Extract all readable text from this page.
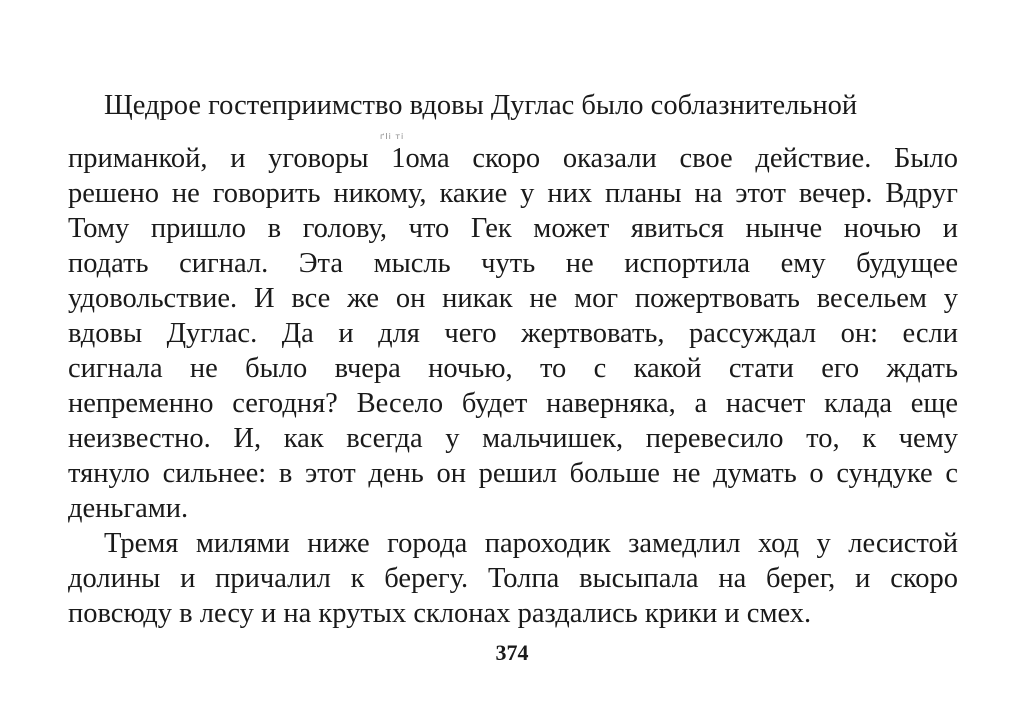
Щедрое гостеприимство вдовы Дуглас было соблазнительной
приманкой, и уговоры 1ома скоро оказали свое действие. Было
решено не говорить никому, какие у них планы на этот вечер. Вдруг
Тому пришло в голову, что Гек может явиться нынче ночью и
подать сигнал. Эта мысль чуть не испортила ему будущее
удовольствие. И все же он никак не мог пожертвовать весельем у
вдовы Дуглас. Да и для чего жертвовать, рассуждал он: если
сигнала не было вчера ночью, то с какой стати его ждать
непременно сегодня? Весело будет наверняка, а насчет клада еще
неизвестно. И, как всегда у мальчишек, перевесило то, к чему
тянуло сильнее: в этот день он решил больше не думать о сундуке с
деньгами.
Тремя милями ниже города пароходик замедлил ход у лесистой
долины и причалил к берегу. Толпа высыпала на берег, и скоро
повсюду в лесу и на крутых склонах раздались крики и смех.
ґІі ті
374
